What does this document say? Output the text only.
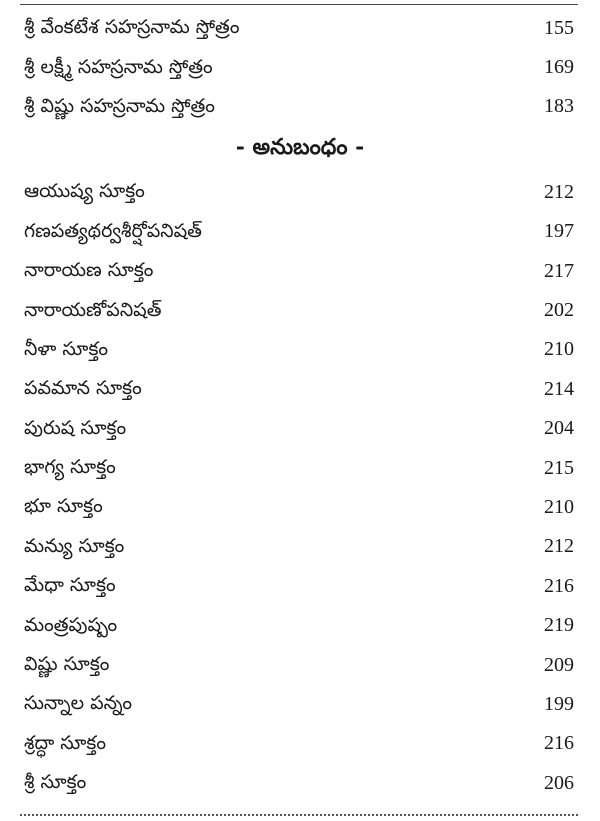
శ్రీ వేంకటేశ సహస్రనామ స్తోత్రం	155
శ్రీ లక్ష్మీ సహస్రనామ స్తోత్రం	169
శ్రీ విష్ణు సహస్రనామ స్తోత్రం	183
- అనుబంధం -
ఆయుష్య సూక్తం	212
గణపత్యథర్వశీర్షోపనిషత్	197
నారాయణ సూక్తం	217
నారాయణోపనిషత్	202
నీళా సూక్తం	210
పవమాన సూక్తం	214
పురుష సూక్తం	204
భాగ్య సూక్తం	215
భూ సూక్తం	210
మన్యు సూక్తం	212
మేధా సూక్తం	216
మంత్రపుష్పం	219
విష్ణు సూక్తం	209
సున్నాల పన్నం	199
శ్రద్ధా సూక్తం	216
శ్రీ సూక్తం	206
